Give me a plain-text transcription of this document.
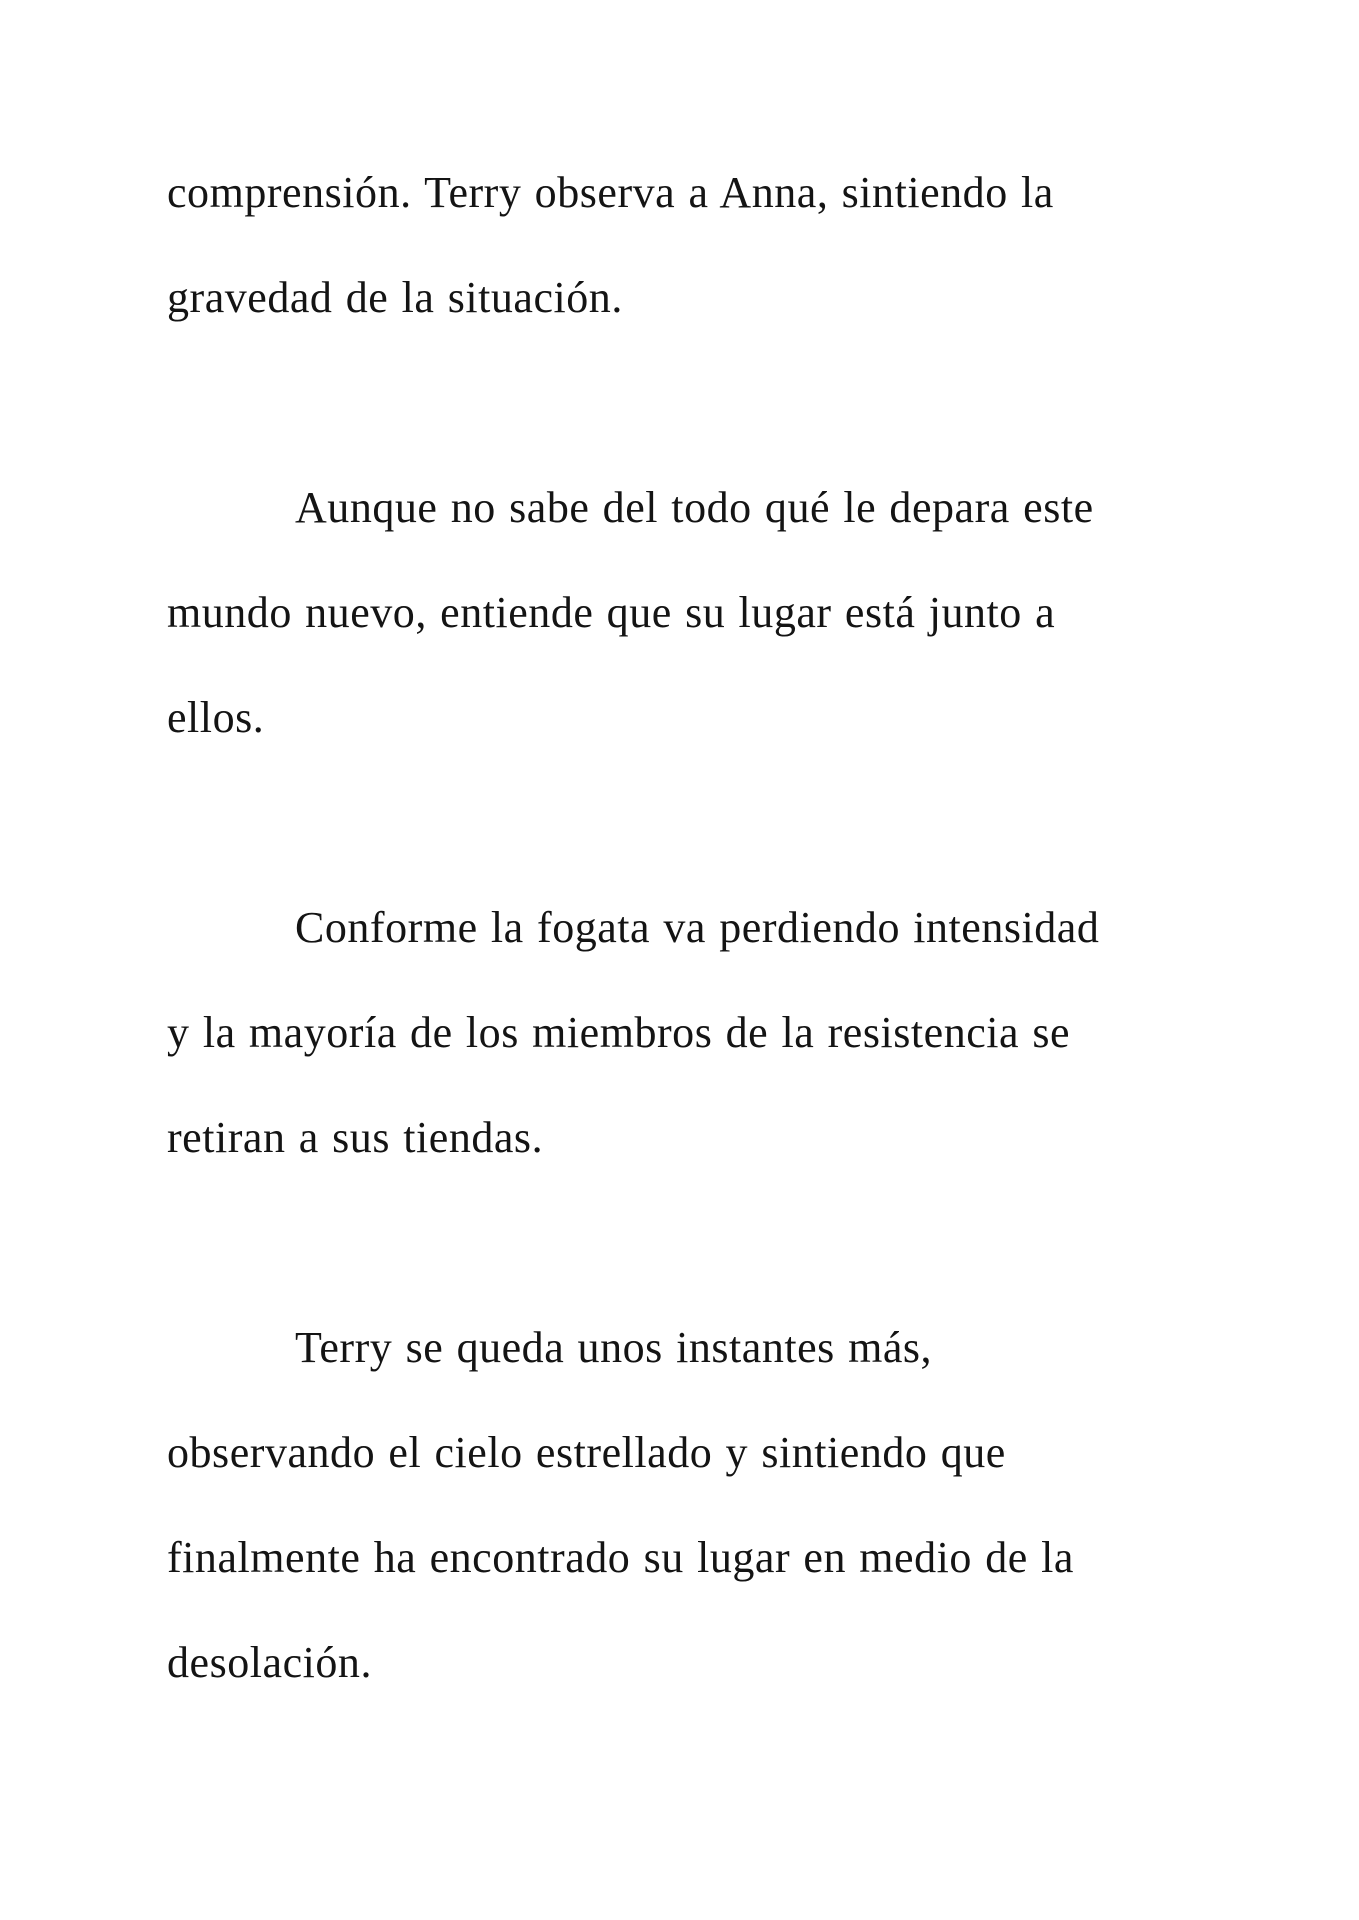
comprensión. Terry observa a Anna, sintiendo la
gravedad de la situación.

Aunque no sabe del todo qué le depara este
mundo nuevo, entiende que su lugar está junto a
ellos.

Conforme la fogata va perdiendo intensidad
y la mayoría de los miembros de la resistencia se
retiran a sus tiendas.

Terry se queda unos instantes más,
observando el cielo estrellado y sintiendo que
finalmente ha encontrado su lugar en medio de la
desolación.
